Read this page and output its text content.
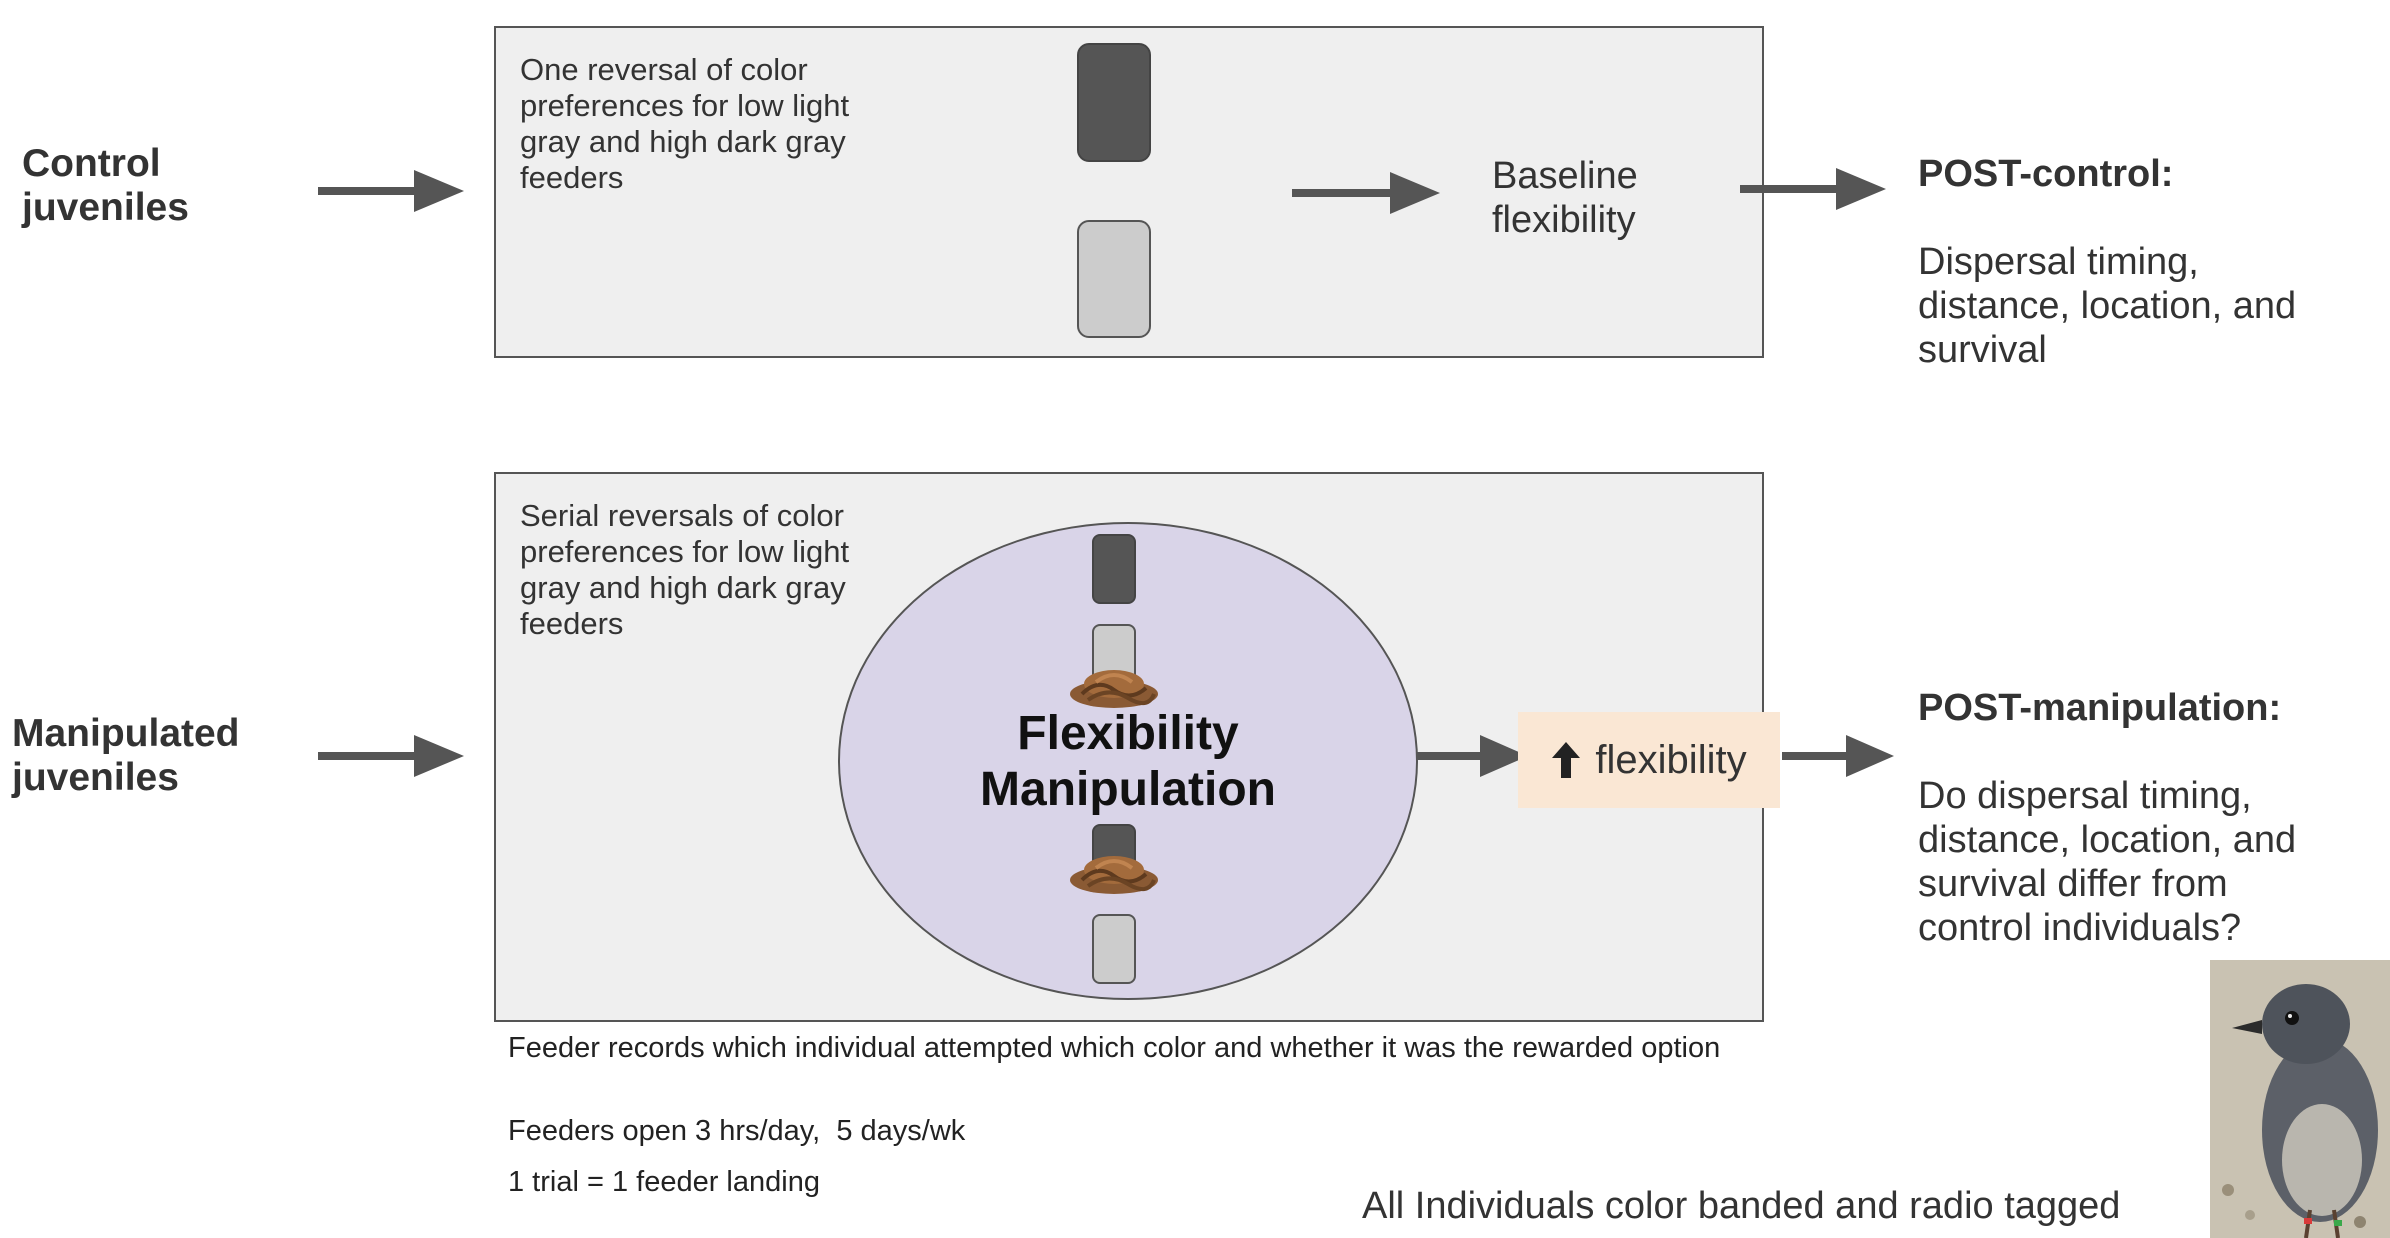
Control
juveniles
One reversal of color
preferences for low light
gray and high dark gray
feeders	Baseline
flexibility

POST-control:

Dispersal timing,
distance, location, and
survival

Manipulated
juveniles
Serial reversals of color
preferences for low light
gray and high dark gray
feeders
Flexibility
Manipulation
flexibility

POST-manipulation:

Do dispersal timing,
distance, location, and
survival differ from
control individuals?

Feeder records which individual attempted which color and whether it was the rewarded option
Feeders open 3 hrs/day,  5 days/wk
1 trial = 1 feeder landing
All Individuals color banded and radio tagged
